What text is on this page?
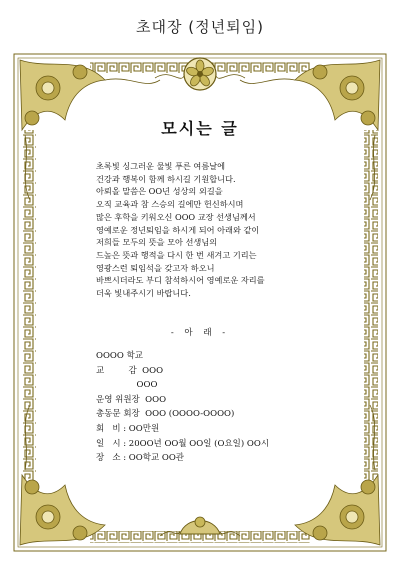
초대장 (정년퇴임)
모시는 글
초록빛 싱그러운 물빛 푸른 여름날에
건강과 행복이 함께 하시길 기원합니다.
아뢰올 말씀은 OO년 성상의 외길을
오직 교육과 참 스승의 길에만 헌신하시며
많은 후학을 키워오신 OOO 교장 선생님께서
영예로운 정년퇴임을 하시게 되어 아래와 같이
저희들 모두의 뜻을 모아 선생님의
드높은 뜻과 행적을 다시 한 번 새겨고 기리는
영광스런 퇴임석을 갖고자 하오니
바쁘시더라도 부디 참석하시어 영예로운 자리를
더욱 빛내주시기 바랍니다.
- 아 래 -
OOOO 학교
교         감  OOO
OOO
운영 위원장  OOO
총동문 회장  OOO (OOOO-OOOO)
회   비 : OO만원
일   시 : 20OO년 OO월 OO일 (O요일) OO시
장   소 : OO학교 OO관
